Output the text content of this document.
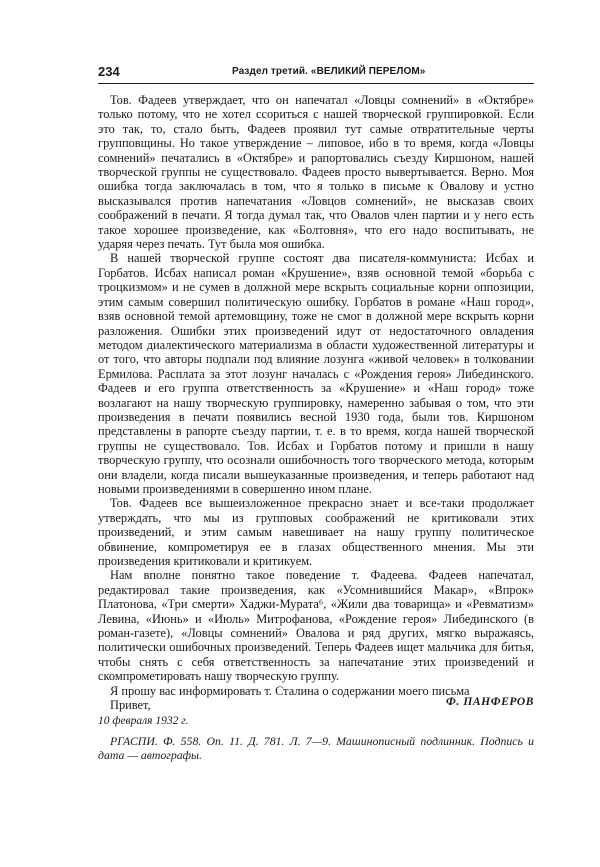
234	Раздел третий. «ВЕЛИКИЙ ПЕРЕЛОМ»

Тов. Фадеев утверждает, что он напечатал «Ловцы сомнений» в «Октябре» только потому, что не хотел ссориться с нашей творческой группировкой. Если это так, то, стало быть, Фадеев проявил тут самые отвратительные черты групповщины. Но такое утверждение – липовое, ибо в то время, когда «Ловцы сомнений» печатались в «Октябре» и рапортовались съезду Киршоном, нашей творческой группы не существовало. Фадеев просто вывертывается. Верно. Моя ошибка тогда заключалась в том, что я только в письме к Овалову и устно высказывался против напечатания «Ловцов сомнений», не высказав своих соображений в печати. Я тогда думал так, что Овалов член партии и у него есть такое хорошее произведение, как «Болтовня», что его надо воспитывать, не ударяя через печать. Тут была моя ошибка.

В нашей творческой группе состоят два писателя-коммуниста: Исбах и Горбатов. Исбах написал роман «Крушение», взяв основной темой «борьба с троцкизмом» и не сумев в должной мере вскрыть социальные корни оппозиции, этим самым совершил политическую ошибку. Горбатов в романе «Наш город», взяв основной темой артемовщину, тоже не смог в должной мере вскрыть корни разложения. Ошибки этих произведений идут от недостаточного овладения методом диалектического материализма в области художественной литературы и от того, что авторы подпали под влияние лозунга «живой человек» в толковании Ермилова. Расплата за этот лозунг началась с «Рождения героя» Либединского. Фадеев и его группа ответственность за «Крушение» и «Наш город» тоже возлагают на нашу творческую группировку, намеренно забывая о том, что эти произведения в печати появились весной 1930 года, были тов. Киршоном представлены в рапорте съезду партии, т. е. в то время, когда нашей творческой группы не существовало. Тов. Исбах и Горбатов потому и пришли в нашу творческую группу, что осознали ошибочность того творческого метода, которым они владели, когда писали вышеуказанные произведения, и теперь работают над новыми произведениями в совершенно ином плане.

Тов. Фадеев все вышеизложенное прекрасно знает и все-таки продолжает утверждать, что мы из групповых соображений не критиковали этих произведений, и этим самым навешивает на нашу группу политическое обвинение, компрометируя ее в глазах общественного мнения. Мы эти произведения критиковали и критикуем.

Нам вполне понятно такое поведение т. Фадеева. Фадеев напечатал, редактировал такие произведения, как «Усомнившийся Макар», «Впрок» Платонова, «Три смерти» Хаджи-Мурата⁶, «Жили два товарища» и «Ревматизм» Левина, «Июнь» и «Июль» Митрофанова, «Рождение героя» Либединского (в роман-газете), «Ловцы сомнений» Овалова и ряд других, мягко выражаясь, политически ошибочных произведений. Теперь Фадеев ищет мальчика для битья, чтобы снять с себя ответственность за напечатание этих произведений и скомпрометировать нашу творческую группу.

Я прошу вас информировать т. Сталина о содержании моего письма

Привет,	Ф. ПАНФЕРОВ
10 февраля 1932 г.

РГАСПИ. Ф. 558. Оп. 11. Д. 781. Л. 7—9. Машинописный подлинник. Подпись и дата — автографы.
